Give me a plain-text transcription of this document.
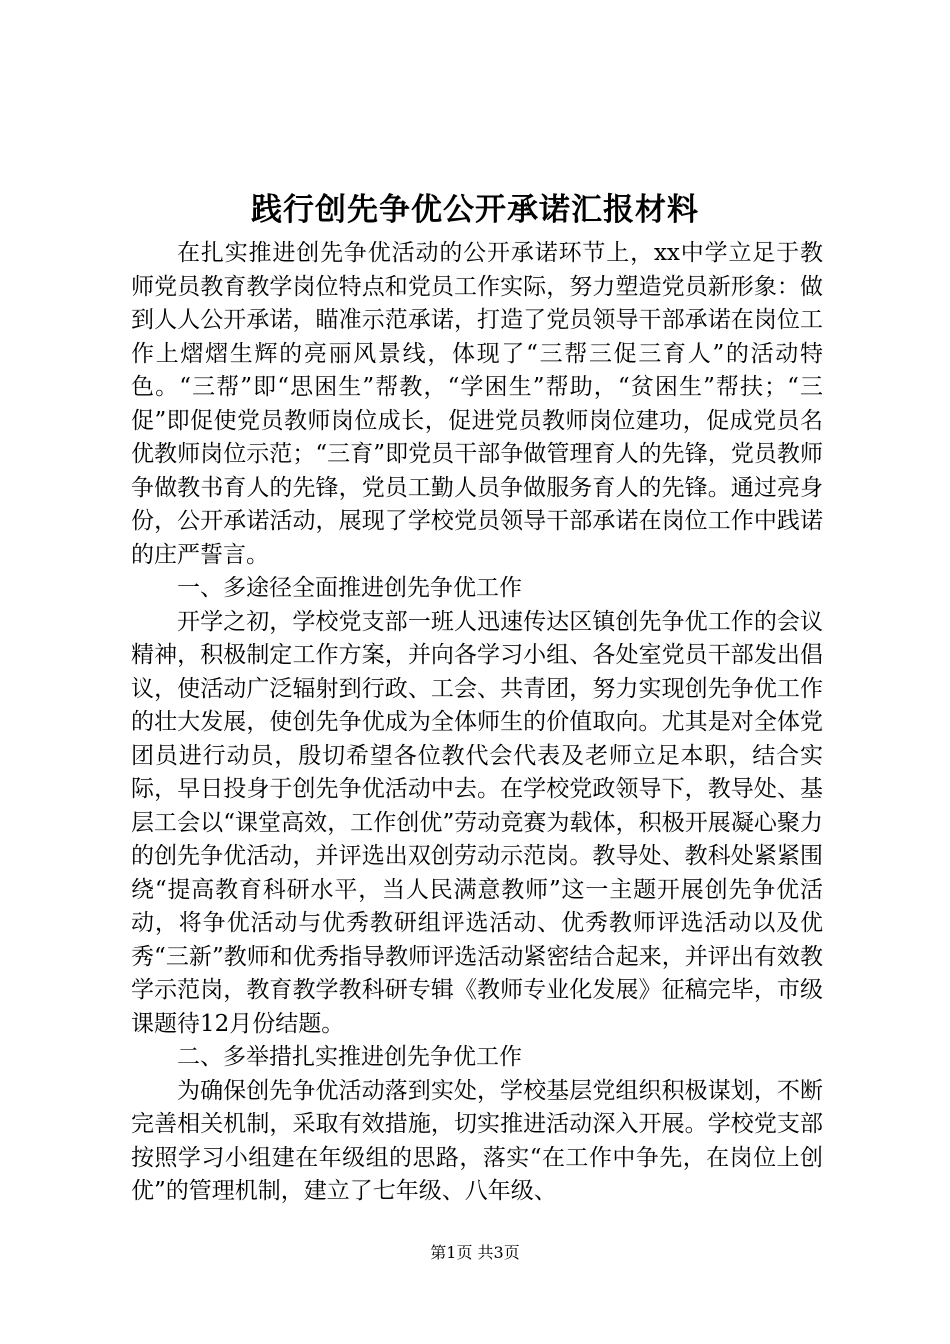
践行创先争优公开承诺汇报材料

在扎实推进创先争优活动的公开承诺环节上，xx中学立足于教师党员教育教学岗位特点和党员工作实际，努力塑造党员新形象：做到人人公开承诺，瞄准示范承诺，打造了党员领导干部承诺在岗位工作上熠熠生辉的亮丽风景线，体现了“三帮三促三育人”的活动特色。“三帮”即“思困生”帮教，“学困生”帮助，“贫困生”帮扶；“三促”即促使党员教师岗位成长，促进党员教师岗位建功，促成党员名优教师岗位示范；“三育”即党员干部争做管理育人的先锋，党员教师争做教书育人的先锋，党员工勤人员争做服务育人的先锋。通过亮身份，公开承诺活动，展现了学校党员领导干部承诺在岗位工作中践诺的庄严誓言。

一、多途径全面推进创先争优工作

开学之初，学校党支部一班人迅速传达区镇创先争优工作的会议精神，积极制定工作方案，并向各学习小组、各处室党员干部发出倡议，使活动广泛辐射到行政、工会、共青团，努力实现创先争优工作的壮大发展，使创先争优成为全体师生的价值取向。尤其是对全体党团员进行动员，殷切希望各位教代会代表及老师立足本职，结合实际，早日投身于创先争优活动中去。在学校党政领导下，教导处、基层工会以“课堂高效，工作创优”劳动竞赛为载体，积极开展凝心聚力的创先争优活动，并评选出双创劳动示范岗。教导处、教科处紧紧围绕“提高教育科研水平，当人民满意教师”这一主题开展创先争优活动，将争优活动与优秀教研组评选活动、优秀教师评选活动以及优秀“三新”教师和优秀指导教师评选活动紧密结合起来，并评出有效教学示范岗，教育教学教科研专辑《教师专业化发展》征稿完毕，市级课题待12月份结题。

二、多举措扎实推进创先争优工作

为确保创先争优活动落到实处，学校基层党组织积极谋划，不断完善相关机制，采取有效措施，切实推进活动深入开展。学校党支部按照学习小组建在年级组的思路，落实“在工作中争先，在岗位上创优”的管理机制，建立了七年级、八年级、

第1页 共3页
